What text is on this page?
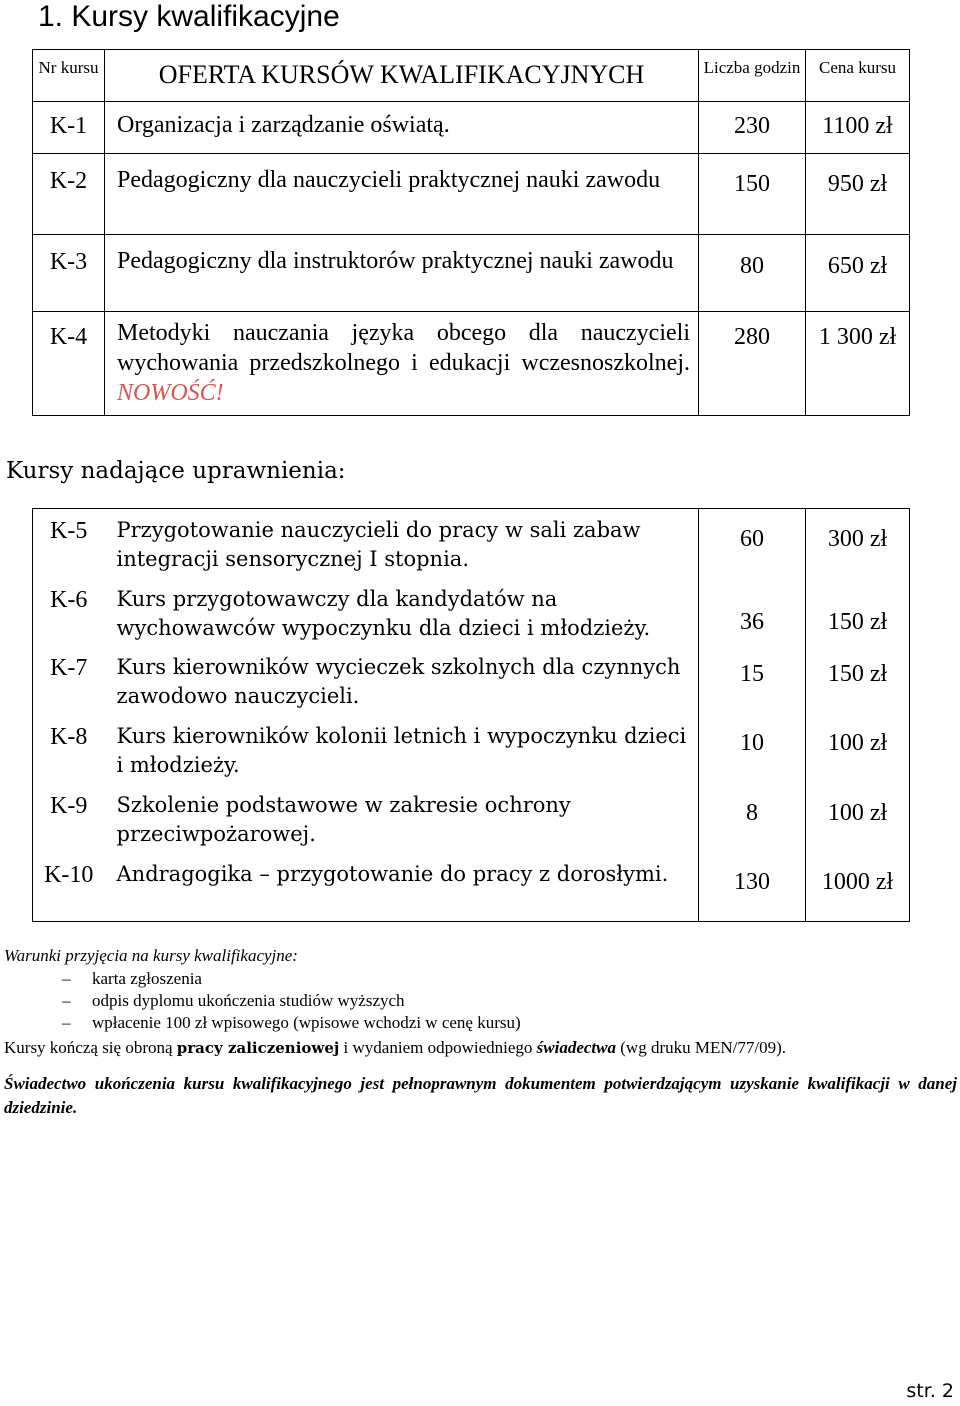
1. Kursy kwalifikacyjne
Nr kursu	OFERTA KURSÓW KWALIFIKACYJNYCH	Liczba godzin	Cena kursu
K-1	Organizacja i zarządzanie oświatą.	230	1100 zł
K-2	Pedagogiczny dla nauczycieli praktycznej nauki zawodu	150	950 zł
K-3	Pedagogiczny dla instruktorów praktycznej nauki zawodu	80	650 zł
K-4	Metodyki nauczania języka obcego dla nauczycieli wychowania przedszkolnego i edukacji wczesnoszkolnej. NOWOŚĆ!	280	1 300 zł
Kursy nadające uprawnienia:
K-5	Przygotowanie nauczycieli do pracy w sali zabaw integracji sensorycznej I stopnia.	60	300 zł
K-6	Kurs przygotowawczy dla kandydatów na wychowawców wypoczynku dla dzieci i młodzieży.	36	150 zł
K-7	Kurs kierowników wycieczek szkolnych dla czynnych zawodowo nauczycieli.	15	150 zł
K-8	Kurs kierowników kolonii letnich i wypoczynku dzieci i młodzieży.	10	100 zł
K-9	Szkolenie podstawowe w zakresie ochrony przeciwpożarowej.	8	100 zł
K-10	Andragogika – przygotowanie do pracy z dorosłymi.	130	1000 zł
Warunki przyjęcia na kursy kwalifikacyjne:
– karta zgłoszenia
– odpis dyplomu ukończenia studiów wyższych
– wpłacenie 100 zł wpisowego (wpisowe wchodzi w cenę kursu)
Kursy kończą się obroną pracy zaliczeniowej i wydaniem odpowiedniego świadectwa (wg druku MEN/77/09).
Świadectwo ukończenia kursu kwalifikacyjnego jest pełnoprawnym dokumentem potwierdzającym uzyskanie kwalifikacji w danej dziedzinie.
str. 2
